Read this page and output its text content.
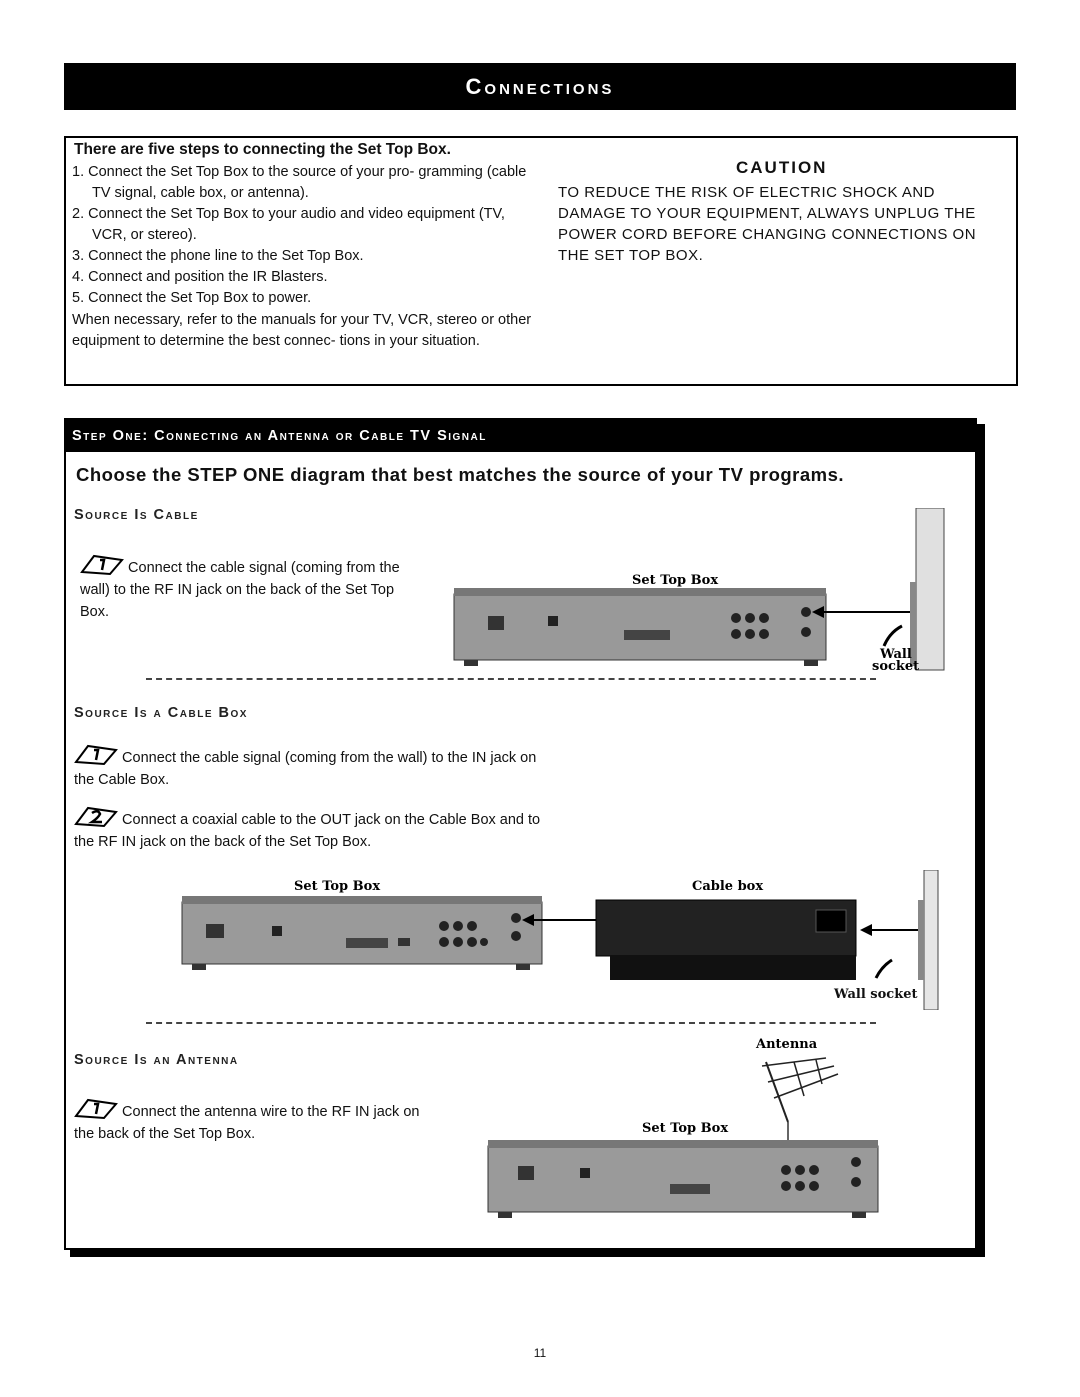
Connections
There are five steps to connecting the Set Top Box.
1. Connect the Set Top Box to the source of your pro- gramming (cable TV signal, cable box, or antenna).
2. Connect the Set Top Box to your audio and video equipment (TV, VCR, or stereo).
3. Connect the phone line to the Set Top Box.
4. Connect and position the IR Blasters.
5. Connect the Set Top Box to power.
When necessary, refer to the manuals for your TV, VCR, stereo or other equipment to determine the best connec- tions in your situation.
CAUTION
TO REDUCE THE RISK OF ELECTRIC SHOCK AND DAMAGE TO YOUR EQUIPMENT, ALWAYS UNPLUG THE POWER CORD BEFORE CHANGING CONNECTIONS ON THE SET TOP BOX.
Step One: Connecting an Antenna or Cable TV Signal
Choose the STEP ONE diagram that best matches the source of your TV programs.
Source Is Cable
Connect the cable signal (coming from the wall) to the RF IN jack on the back of the Set Top Box.
Set Top Box
Wall
socket
Source Is a Cable Box
Connect the cable signal (coming from the wall) to the IN jack on the Cable Box.
Connect a coaxial cable to the OUT jack on the Cable Box and to the RF IN jack on the back of the Set Top Box.
Set Top Box	Cable box
Wall socket
Source Is an Antenna
Connect the antenna wire to the RF IN jack on the back of the Set Top Box.
Antenna
Set Top Box
11
